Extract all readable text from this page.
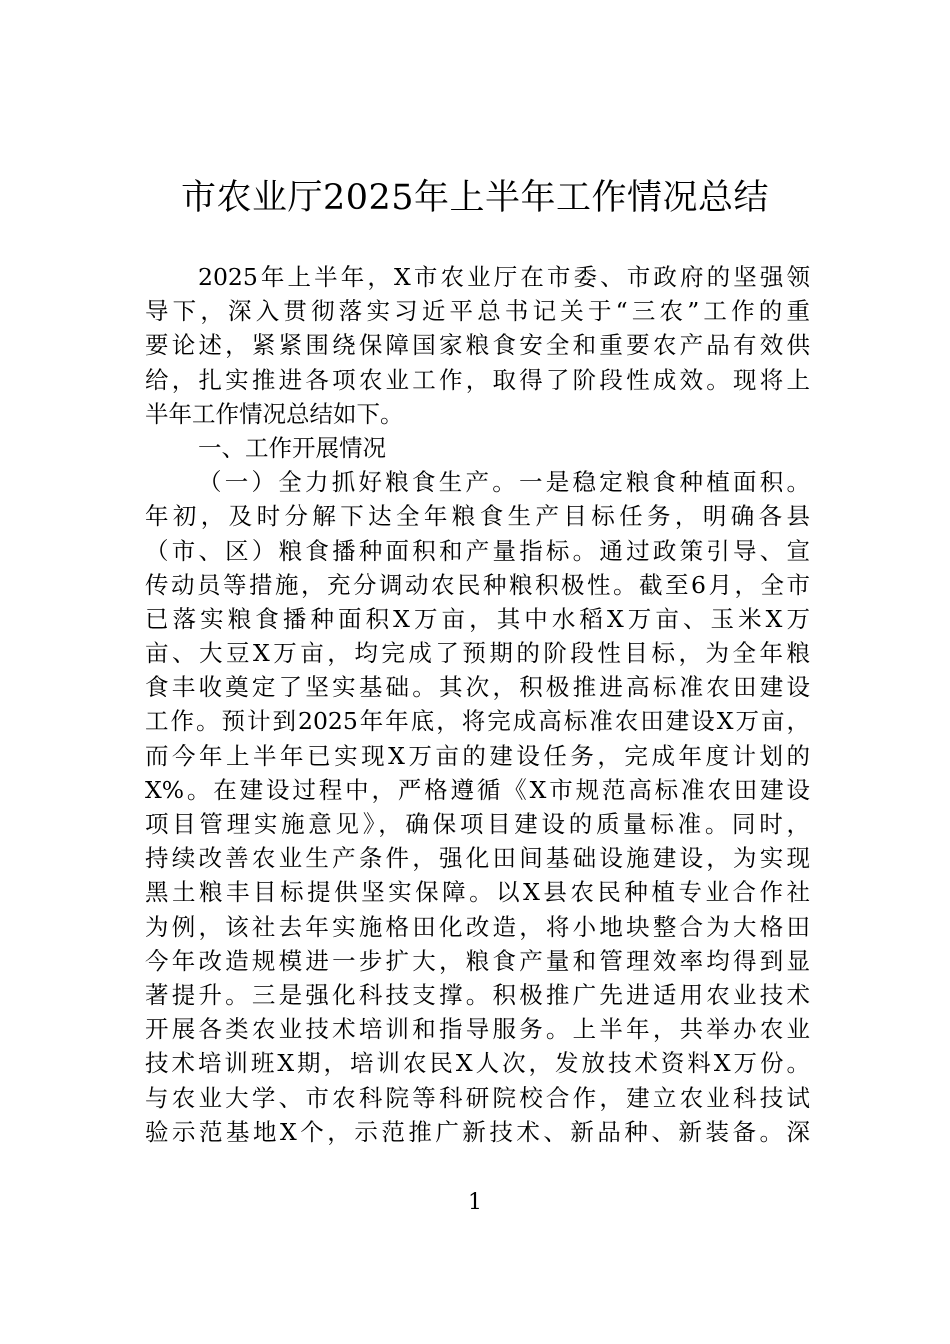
市农业厅2025年上半年工作情况总结
2025年上半年，X市农业厅在市委、市政府的坚强领
导下，深入贯彻落实习近平总书记关于“三农”工作的重
要论述，紧紧围绕保障国家粮食安全和重要农产品有效供
给，扎实推进各项农业工作，取得了阶段性成效。现将上
半年工作情况总结如下。
一、工作开展情况
（一）全力抓好粮食生产。一是稳定粮食种植面积。
年初，及时分解下达全年粮食生产目标任务，明确各县
（市、区）粮食播种面积和产量指标。通过政策引导、宣
传动员等措施，充分调动农民种粮积极性。截至6月，全市
已落实粮食播种面积X万亩，其中水稻X万亩、玉米X万
亩、大豆X万亩，均完成了预期的阶段性目标，为全年粮
食丰收奠定了坚实基础。其次，积极推进高标准农田建设
工作。预计到2025年年底，将完成高标准农田建设X万亩，
而今年上半年已实现X万亩的建设任务，完成年度计划的
X%。在建设过程中，严格遵循《X市规范高标准农田建设
项目管理实施意见》，确保项目建设的质量标准。同时，
持续改善农业生产条件，强化田间基础设施建设，为实现
黑土粮丰目标提供坚实保障。以X县农民种植专业合作社
为例，该社去年实施格田化改造，将小地块整合为大格田
今年改造规模进一步扩大，粮食产量和管理效率均得到显
著提升。三是强化科技支撑。积极推广先进适用农业技术
开展各类农业技术培训和指导服务。上半年，共举办农业
技术培训班X期，培训农民X人次，发放技术资料X万份。
与农业大学、市农科院等科研院校合作，建立农业科技试
验示范基地X个，示范推广新技术、新品种、新装备。深
1
